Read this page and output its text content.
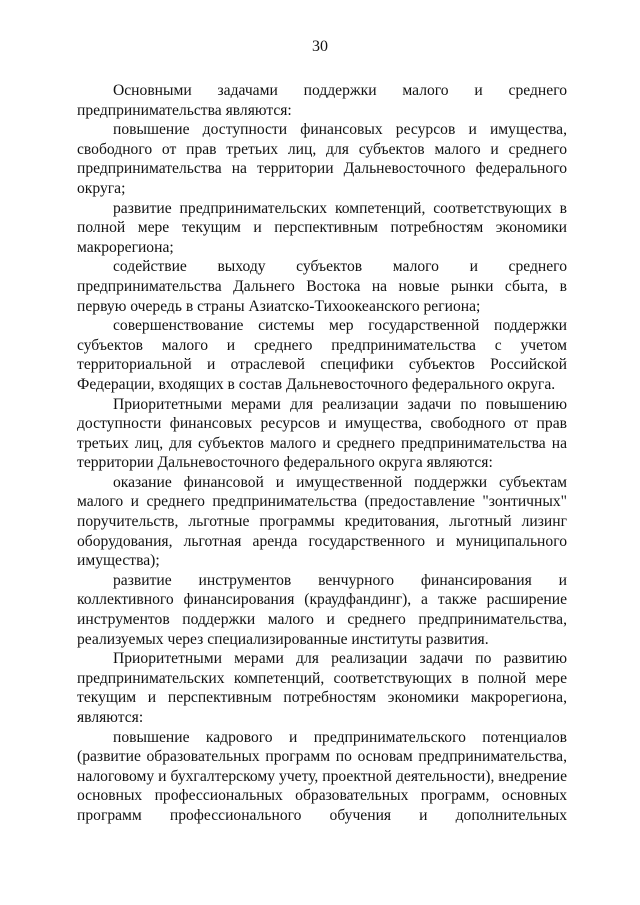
30

Основными задачами поддержки малого и среднего предпринимательства являются:

повышение доступности финансовых ресурсов и имущества, свободного от прав третьих лиц, для субъектов малого и среднего предпринимательства на территории Дальневосточного федерального округа;

развитие предпринимательских компетенций, соответствующих в полной мере текущим и перспективным потребностям экономики макрорегиона;

содействие выходу субъектов малого и среднего предпринимательства Дальнего Востока на новые рынки сбыта, в первую очередь в страны Азиатско-Тихоокеанского региона;

совершенствование системы мер государственной поддержки субъектов малого и среднего предпринимательства с учетом территориальной и отраслевой специфики субъектов Российской Федерации, входящих в состав Дальневосточного федерального округа.

Приоритетными мерами для реализации задачи по повышению доступности финансовых ресурсов и имущества, свободного от прав третьих лиц, для субъектов малого и среднего предпринимательства на территории Дальневосточного федерального округа являются:

оказание финансовой и имущественной поддержки субъектам малого и среднего предпринимательства (предоставление "зонтичных" поручительств, льготные программы кредитования, льготный лизинг оборудования, льготная аренда государственного и муниципального имущества);

развитие инструментов венчурного финансирования и коллективного финансирования (краудфандинг), а также расширение инструментов поддержки малого и среднего предпринимательства, реализуемых через специализированные институты развития.

Приоритетными мерами для реализации задачи по развитию предпринимательских компетенций, соответствующих в полной мере текущим и перспективным потребностям экономики макрорегиона, являются:

повышение кадрового и предпринимательского потенциалов (развитие образовательных программ по основам предпринимательства, налоговому и бухгалтерскому учету, проектной деятельности), внедрение основных профессиональных образовательных программ, основных программ профессионального обучения и дополнительных
